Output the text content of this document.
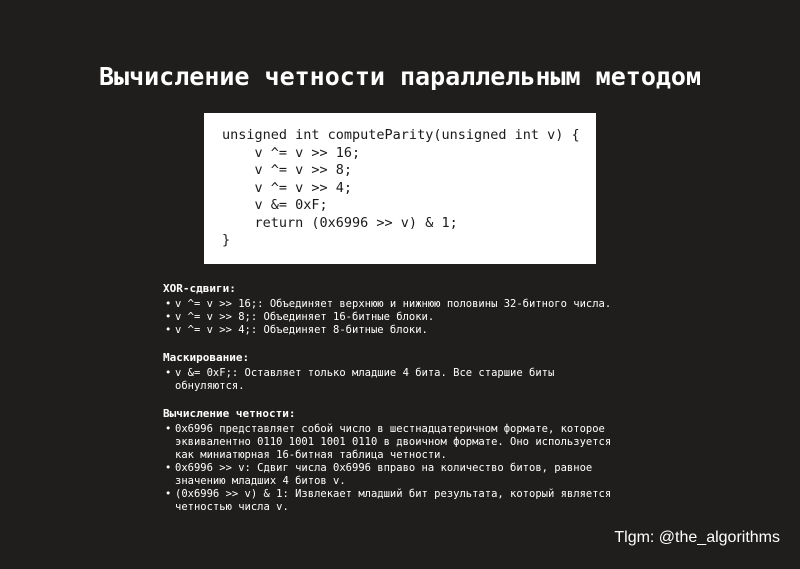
Вычисление четности параллельным методом
unsigned int computeParity(unsigned int v) {
v ^= v >> 16;
v ^= v >> 8;
v ^= v >> 4;
v &= 0xF;
return (0x6996 >> v) & 1;
}
XOR-сдвиги:
• v ^= v >> 16;: Объединяет верхнюю и нижнюю половины 32-битного числа.
• v ^= v >> 8;: Объединяет 16-битные блоки.
• v ^= v >> 4;: Объединяет 8-битные блоки.
Маскирование:
• v &= 0xF;: Оставляет только младшие 4 бита. Все старшие биты
обнуляются.
Вычисление четности:
• 0x6996 представляет собой число в шестнадцатеричном формате, которое
эквивалентно 0110 1001 1001 0110 в двоичном формате. Оно используется
как миниатюрная 16-битная таблица четности.
• 0x6996 >> v: Сдвиг числа 0x6996 вправо на количество битов, равное
значению младших 4 битов v.
• (0x6996 >> v) & 1: Извлекает младший бит результата, который является
четностью числа v.
Tlgm: @the_algorithms
